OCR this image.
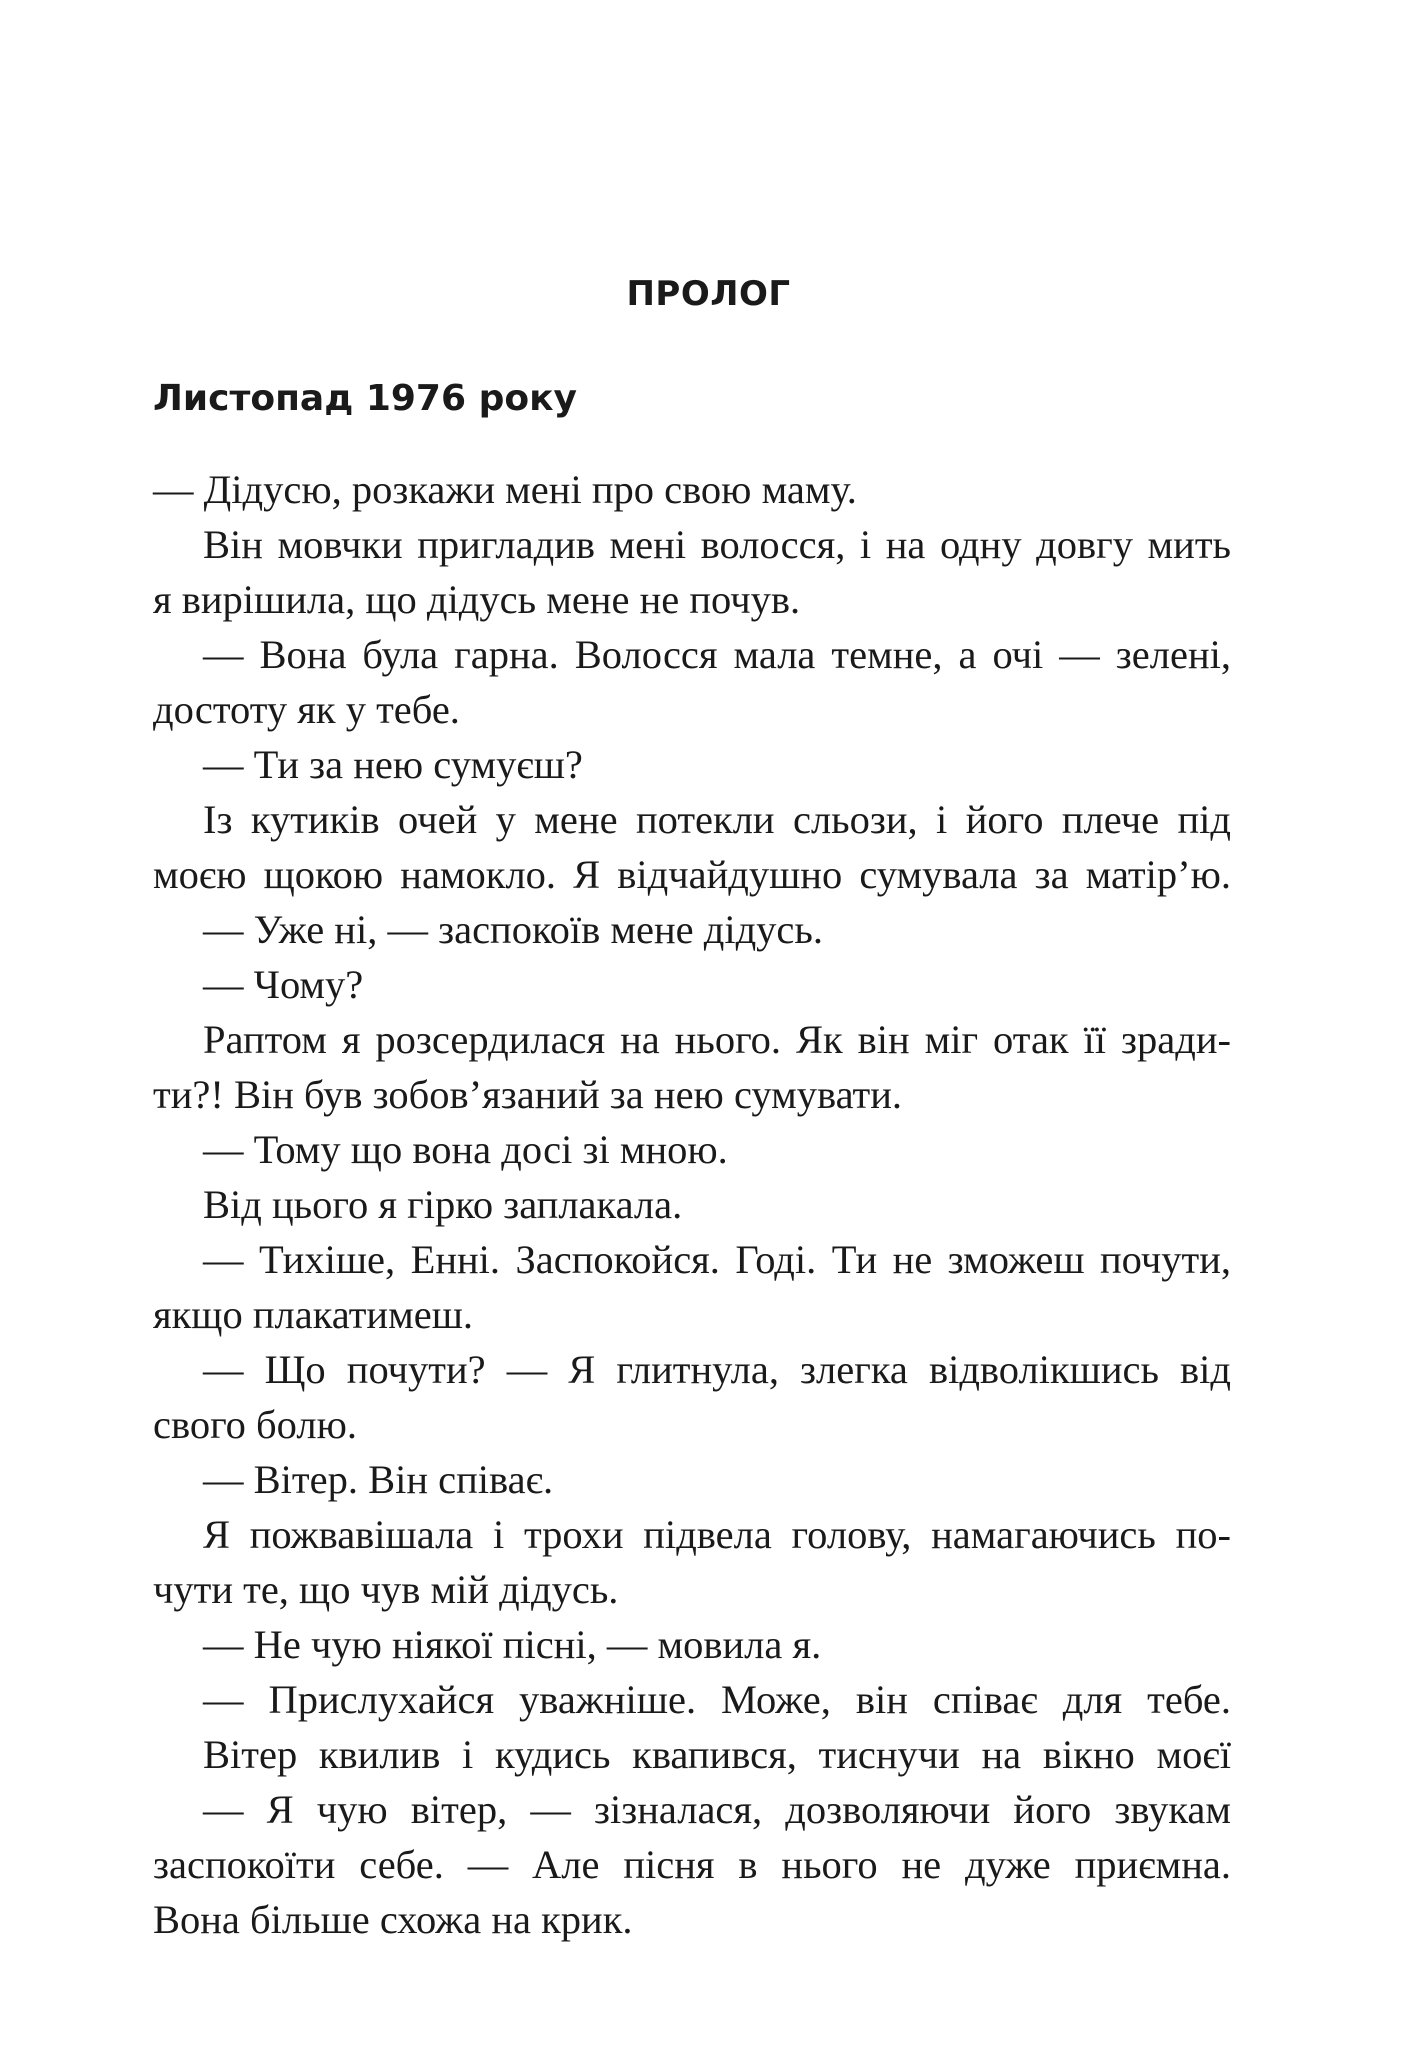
ПРОЛОГ
Листопад 1976 року
— Дідусю, розкажи мені про свою маму.
Він мовчки пригладив мені волосся, і на одну довгу мить
я вирішила, що дідусь мене не почув.
— Вона була гарна. Волосся мала темне, а очі — зелені,
достоту як у тебе.
— Ти за нею сумуєш?
Із кутиків очей у мене потекли сльози, і його плече під
моєю щокою намокло. Я відчайдушно сумувала за матір’ю.
— Уже ні, — заспокоїв мене дідусь.
— Чому?
Раптом я розсердилася на нього. Як він міг отак її зради-
ти?! Він був зобов’язаний за нею сумувати.
— Тому що вона досі зі мною.
Від цього я гірко заплакала.
— Тихіше, Енні. Заспокойся. Годі. Ти не зможеш почути,
якщо плакатимеш.
— Що почути? — Я глитнула, злегка відволікшись від
свого болю.
— Вітер. Він співає.
Я пожвавішала і трохи підвела голову, намагаючись по-
чути те, що чув мій дідусь.
— Не чую ніякої пісні, — мовила я.
— Прислухайся уважніше. Може, він співає для тебе.
Вітер квилив і кудись квапився, тиснучи на вікно моєї
— Я чую вітер, — зізналася, дозволяючи його звукам
заспокоїти себе. — Але пісня в нього не дуже приємна.
Вона більше схожа на крик.
